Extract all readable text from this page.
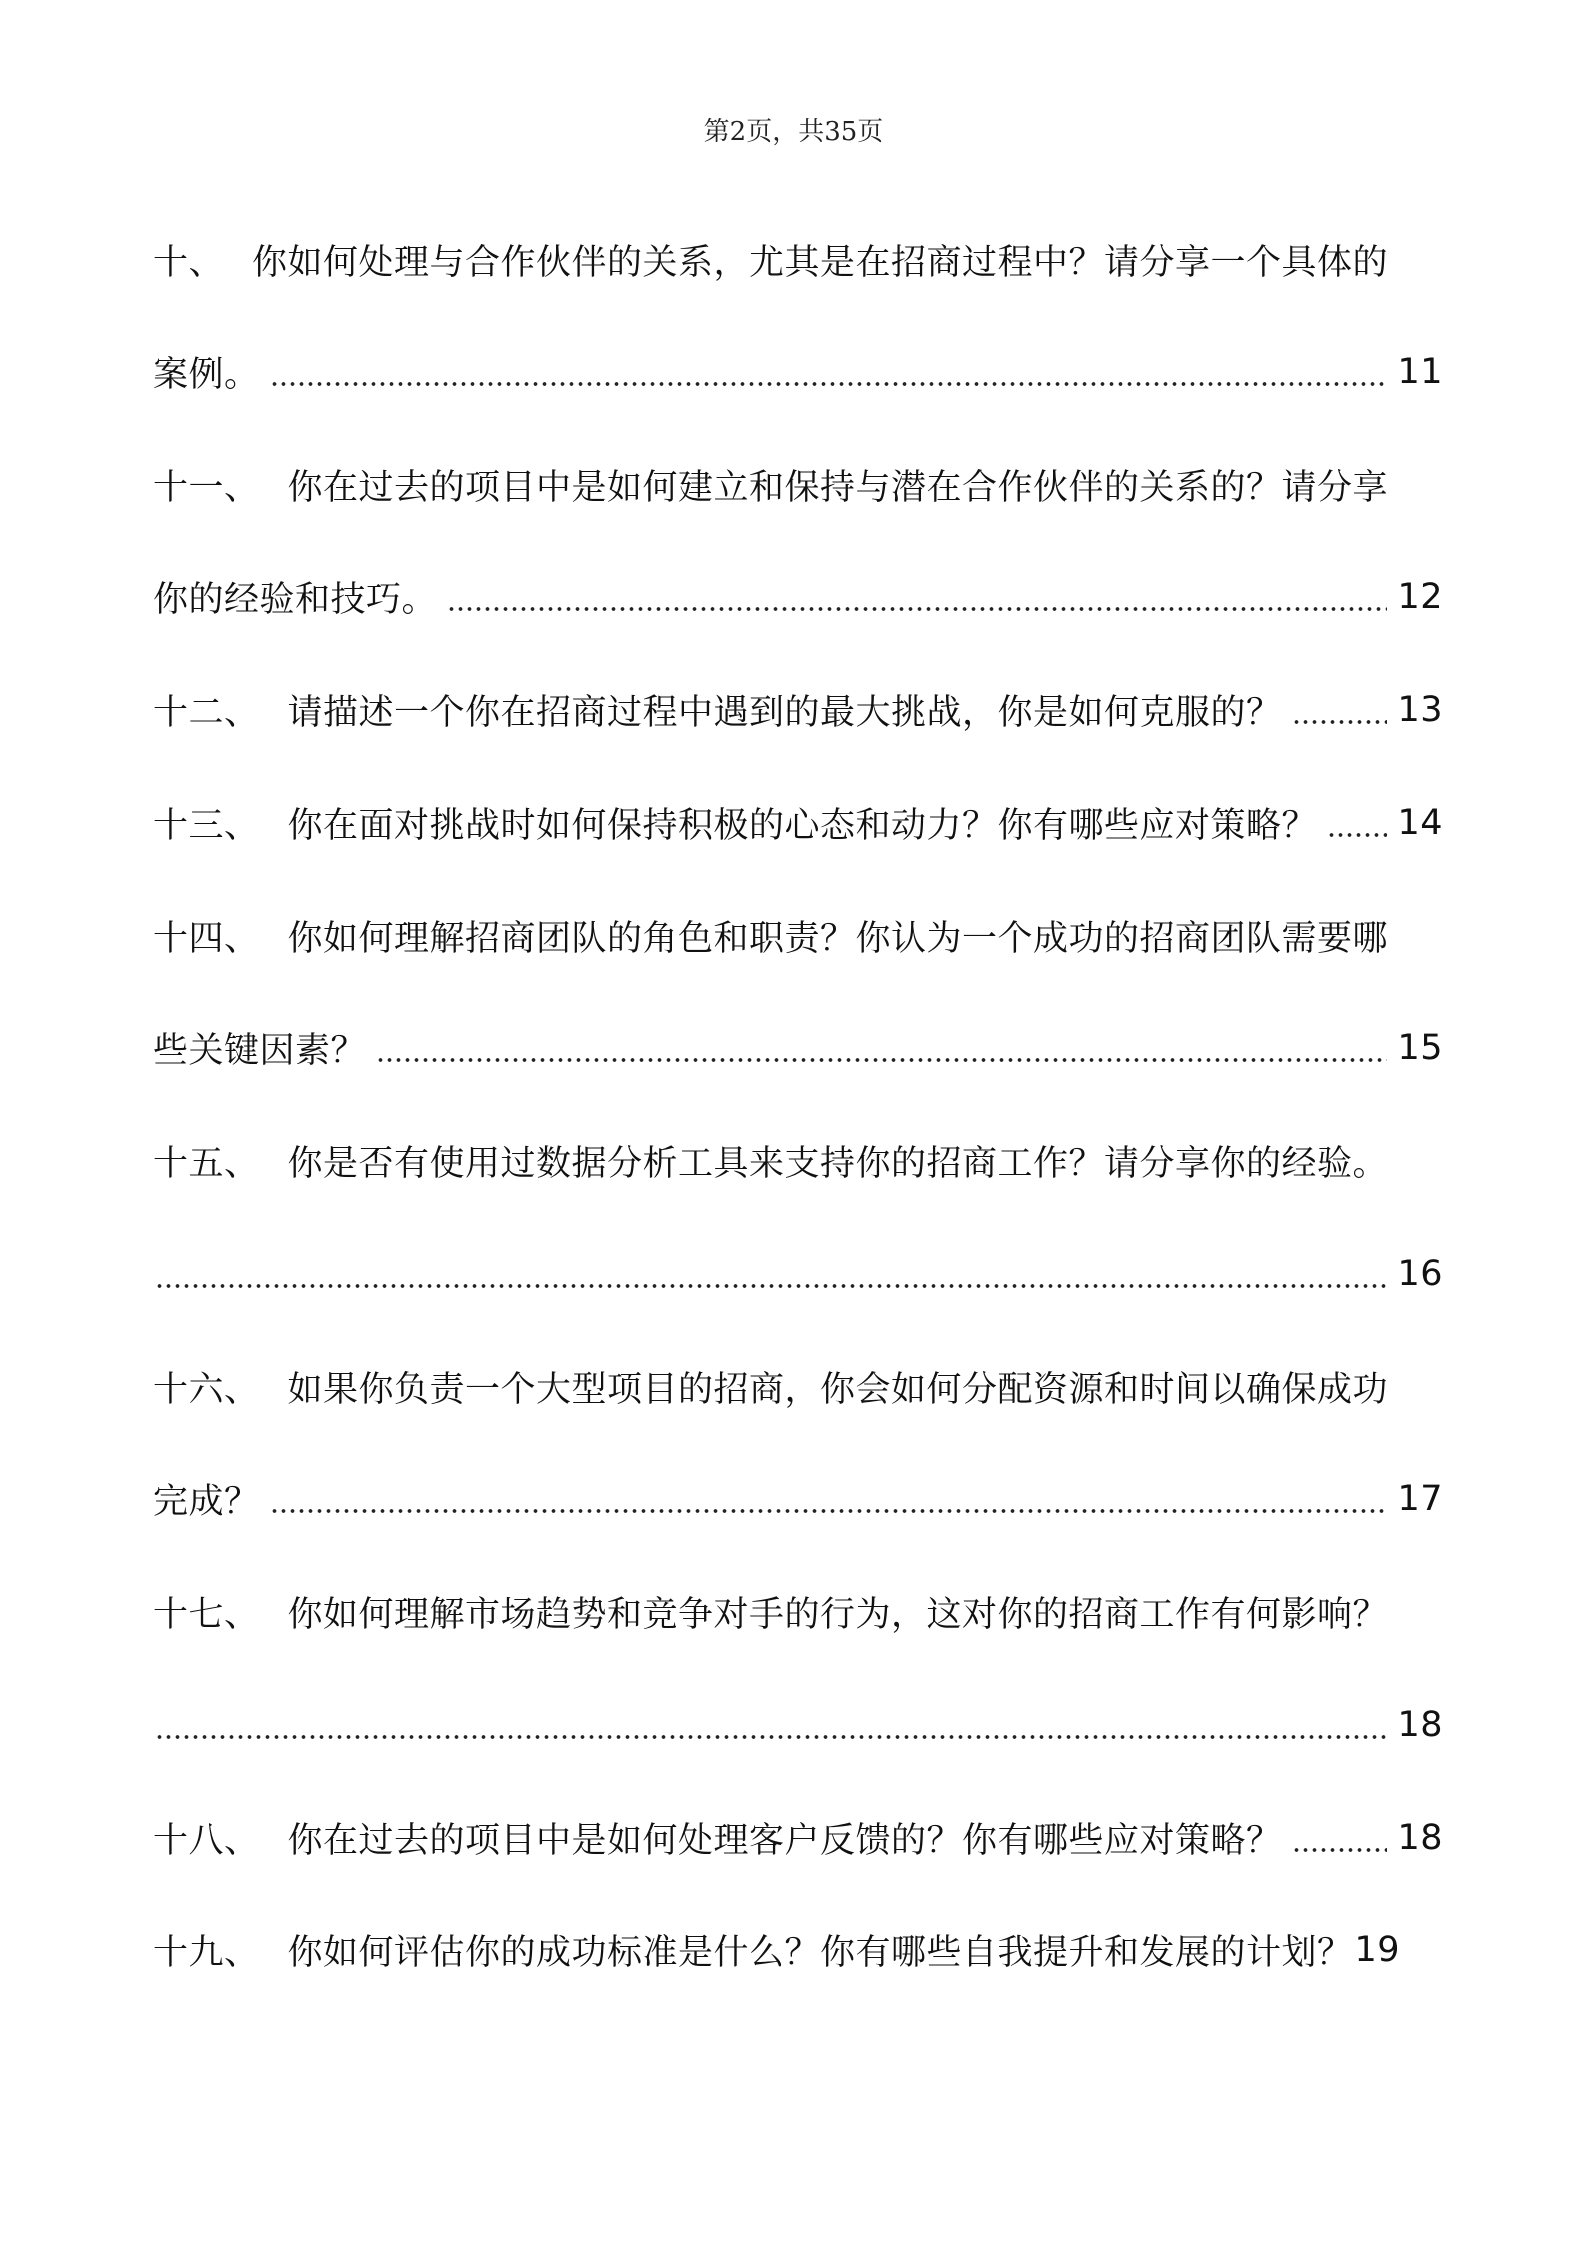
第2页，共35页
十、 你如何处理与合作伙伴的关系，尤其是在招商过程中？请分享一个具体的
案例。	11
十一、 你在过去的项目中是如何建立和保持与潜在合作伙伴的关系的？请分享
你的经验和技巧。	12
十二、 请描述一个你在招商过程中遇到的最大挑战，你是如何克服的？	13
十三、 你在面对挑战时如何保持积极的心态和动力？你有哪些应对策略？ 14
十四、 你如何理解招商团队的角色和职责？你认为一个成功的招商团队需要哪
些关键因素？	15
十五、 你是否有使用过数据分析工具来支持你的招商工作？请分享你的经验。
16
十六、 如果你负责一个大型项目的招商，你会如何分配资源和时间以确保成功
完成？	17
十七、 你如何理解市场趋势和竞争对手的行为，这对你的招商工作有何影响？
18
十八、 你在过去的项目中是如何处理客户反馈的？你有哪些应对策略？	18
十九、 你如何评估你的成功标准是什么？你有哪些自我提升和发展的计划？ 19
